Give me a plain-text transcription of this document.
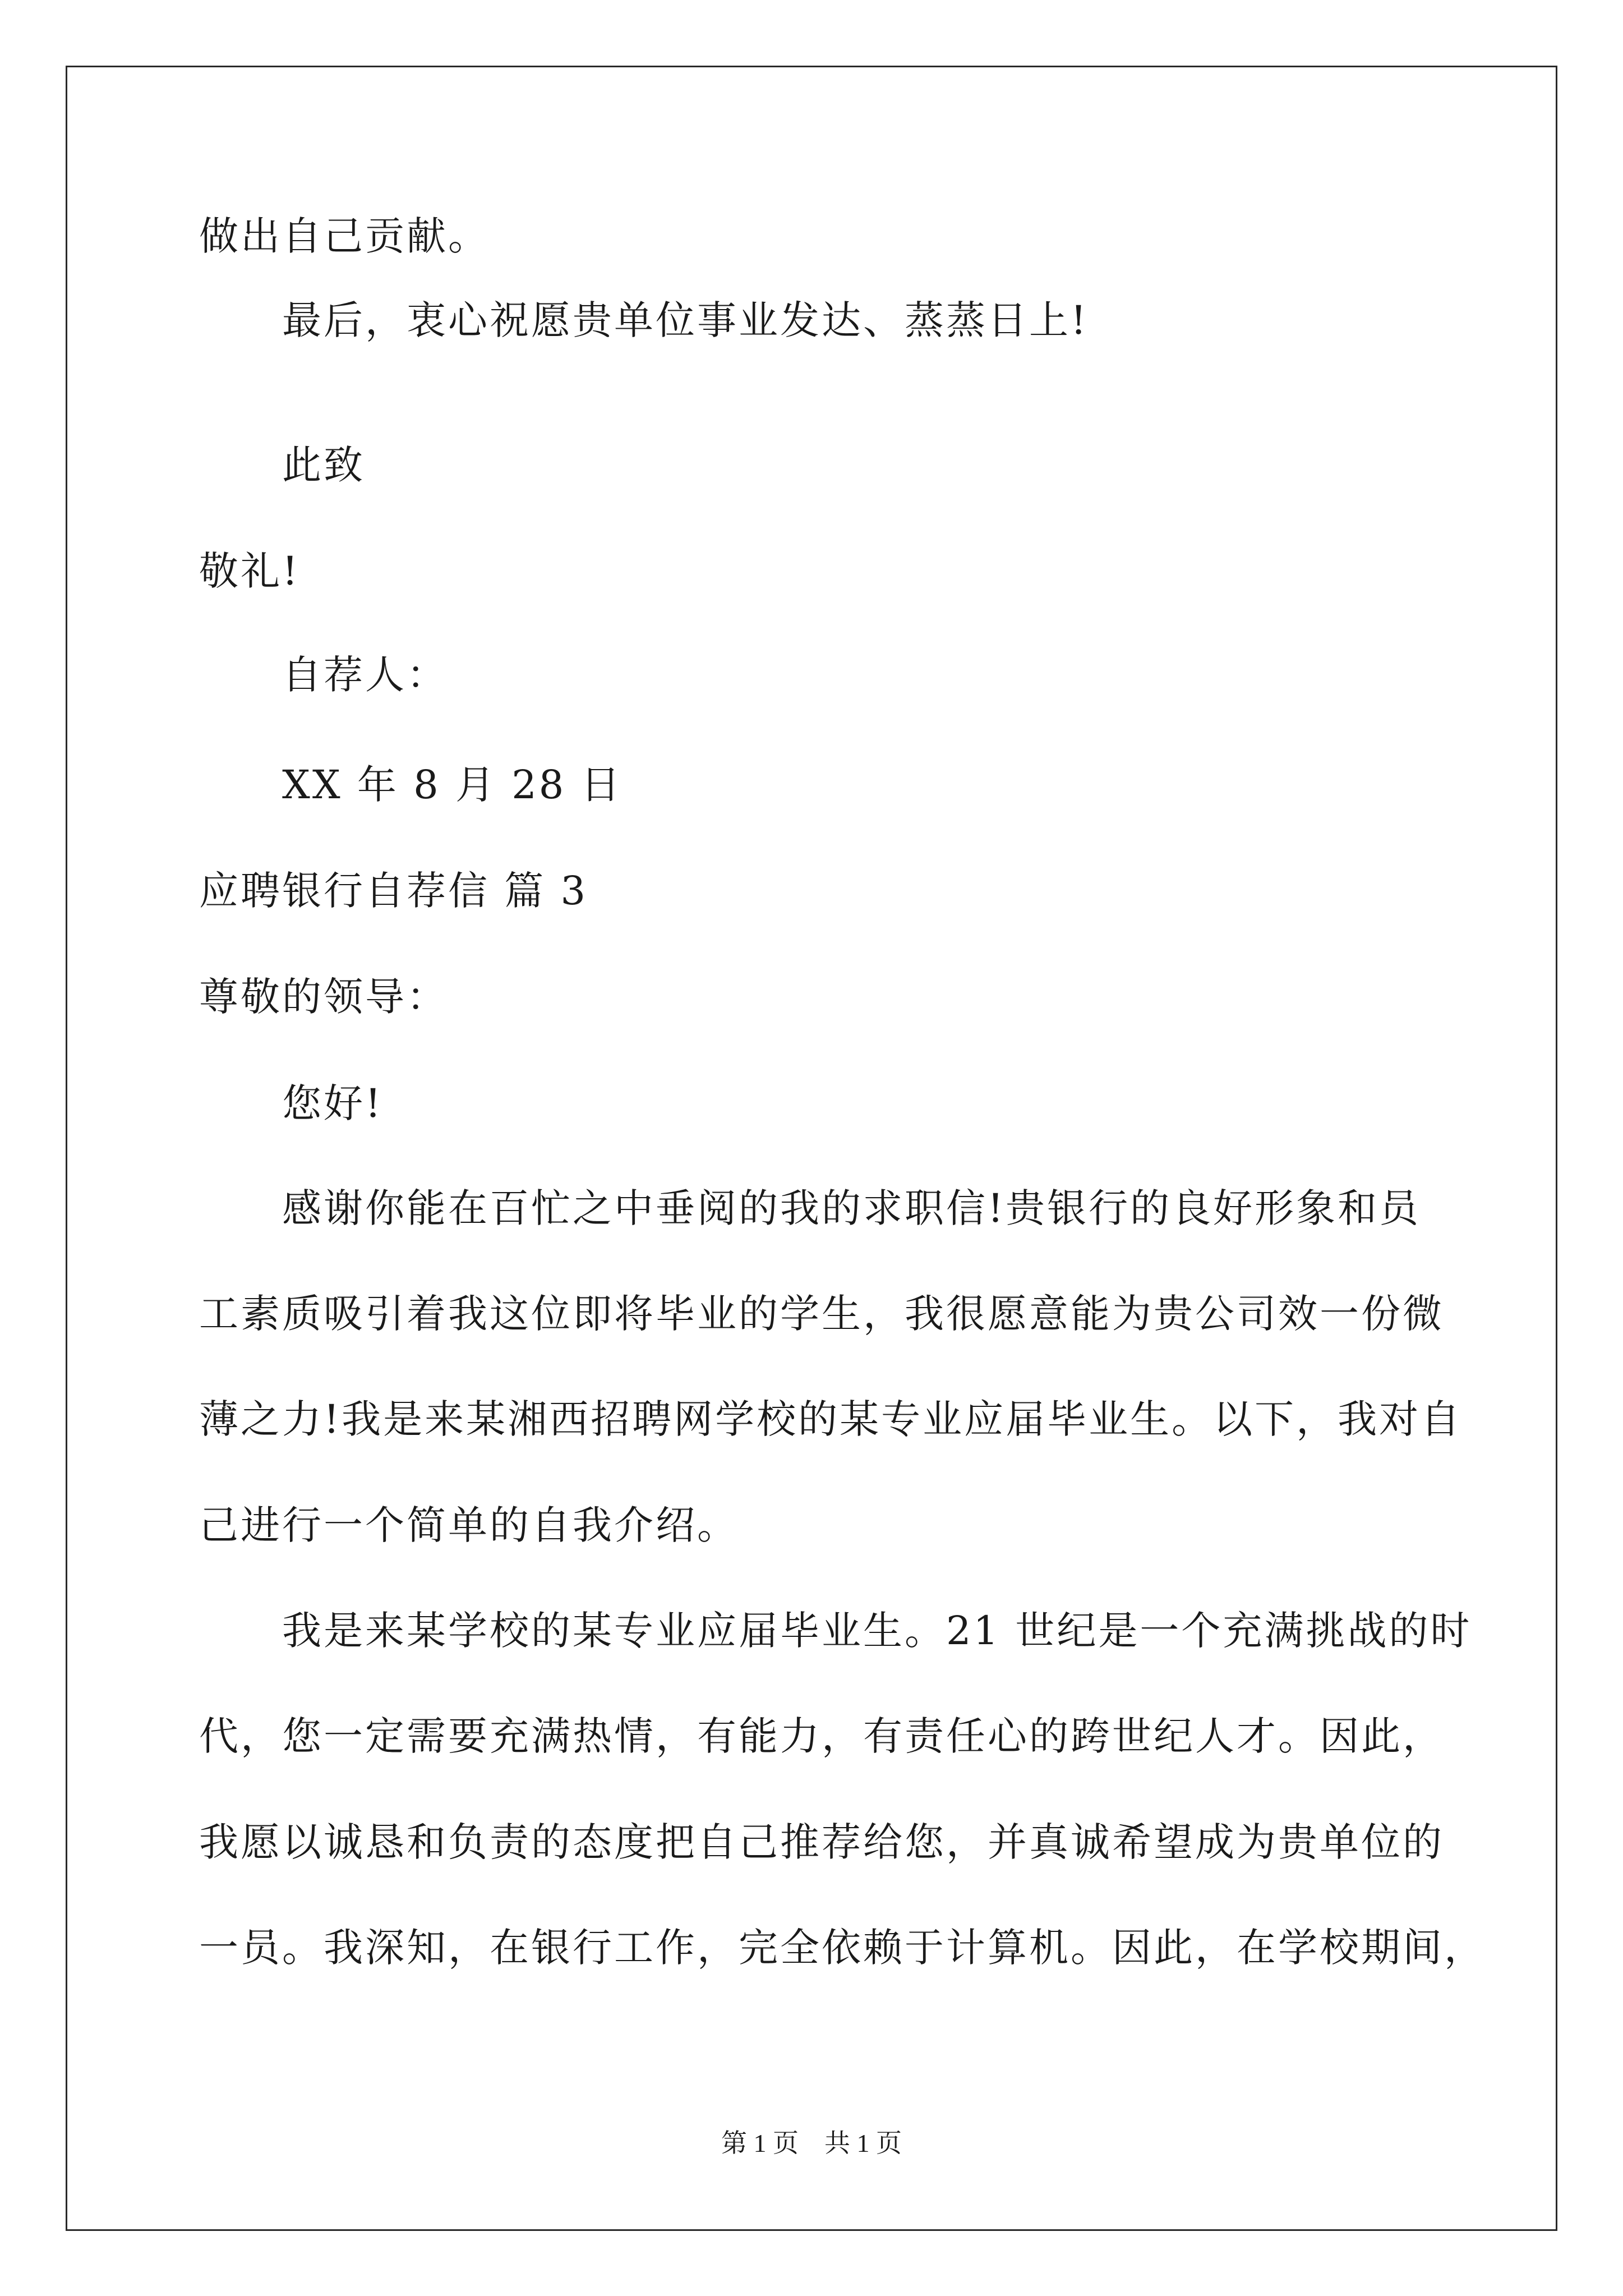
做出自己贡献。
最后，衷心祝愿贵单位事业发达、蒸蒸日上!
此致
敬礼!
自荐人：
XX 年 8 月 28 日
应聘银行自荐信 篇 3
尊敬的领导：
您好!
感谢你能在百忙之中垂阅的我的求职信!贵银行的良好形象和员
工素质吸引着我这位即将毕业的学生，我很愿意能为贵公司效一份微
薄之力!我是来某湘西招聘网学校的某专业应届毕业生。以下，我对自
己进行一个简单的自我介绍。
我是来某学校的某专业应届毕业生。21 世纪是一个充满挑战的时
代，您一定需要充满热情，有能力，有责任心的跨世纪人才。因此，
我愿以诚恳和负责的态度把自己推荐给您，并真诚希望成为贵单位的
一员。我深知，在银行工作，完全依赖于计算机。因此，在学校期间，
第 1 页　共 1 页
